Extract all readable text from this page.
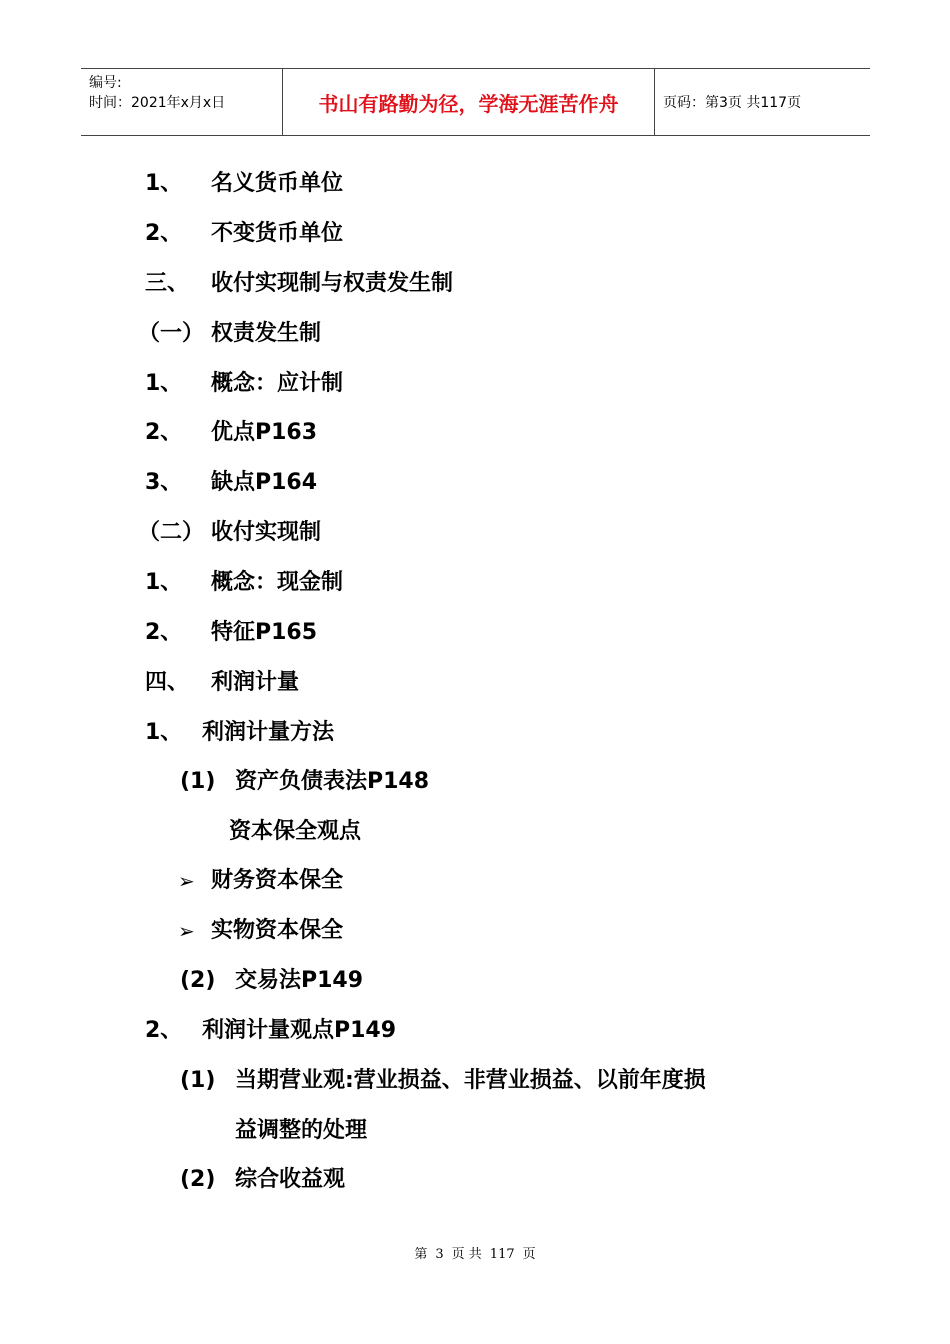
编号:
时间：2021年x月x日	书山有路勤为径，学海无涯苦作舟	页码：第3页 共117页
1、 名义货币单位
2、 不变货币单位
三、 收付实现制与权责发生制
（一） 权责发生制
1、 概念：应计制
2、 优点P163
3、 缺点P164
（二） 收付实现制
1、 概念：现金制
2、 特征P165
四、 利润计量
1、 利润计量方法
(1) 资产负债表法P148
资本保全观点
➢ 财务资本保全
➢ 实物资本保全
(2) 交易法P149
2、 利润计量观点P149
(1) 当期营业观:营业损益、非营业损益、以前年度损
益调整的处理
(2) 综合收益观
第 3 页 共 117 页
